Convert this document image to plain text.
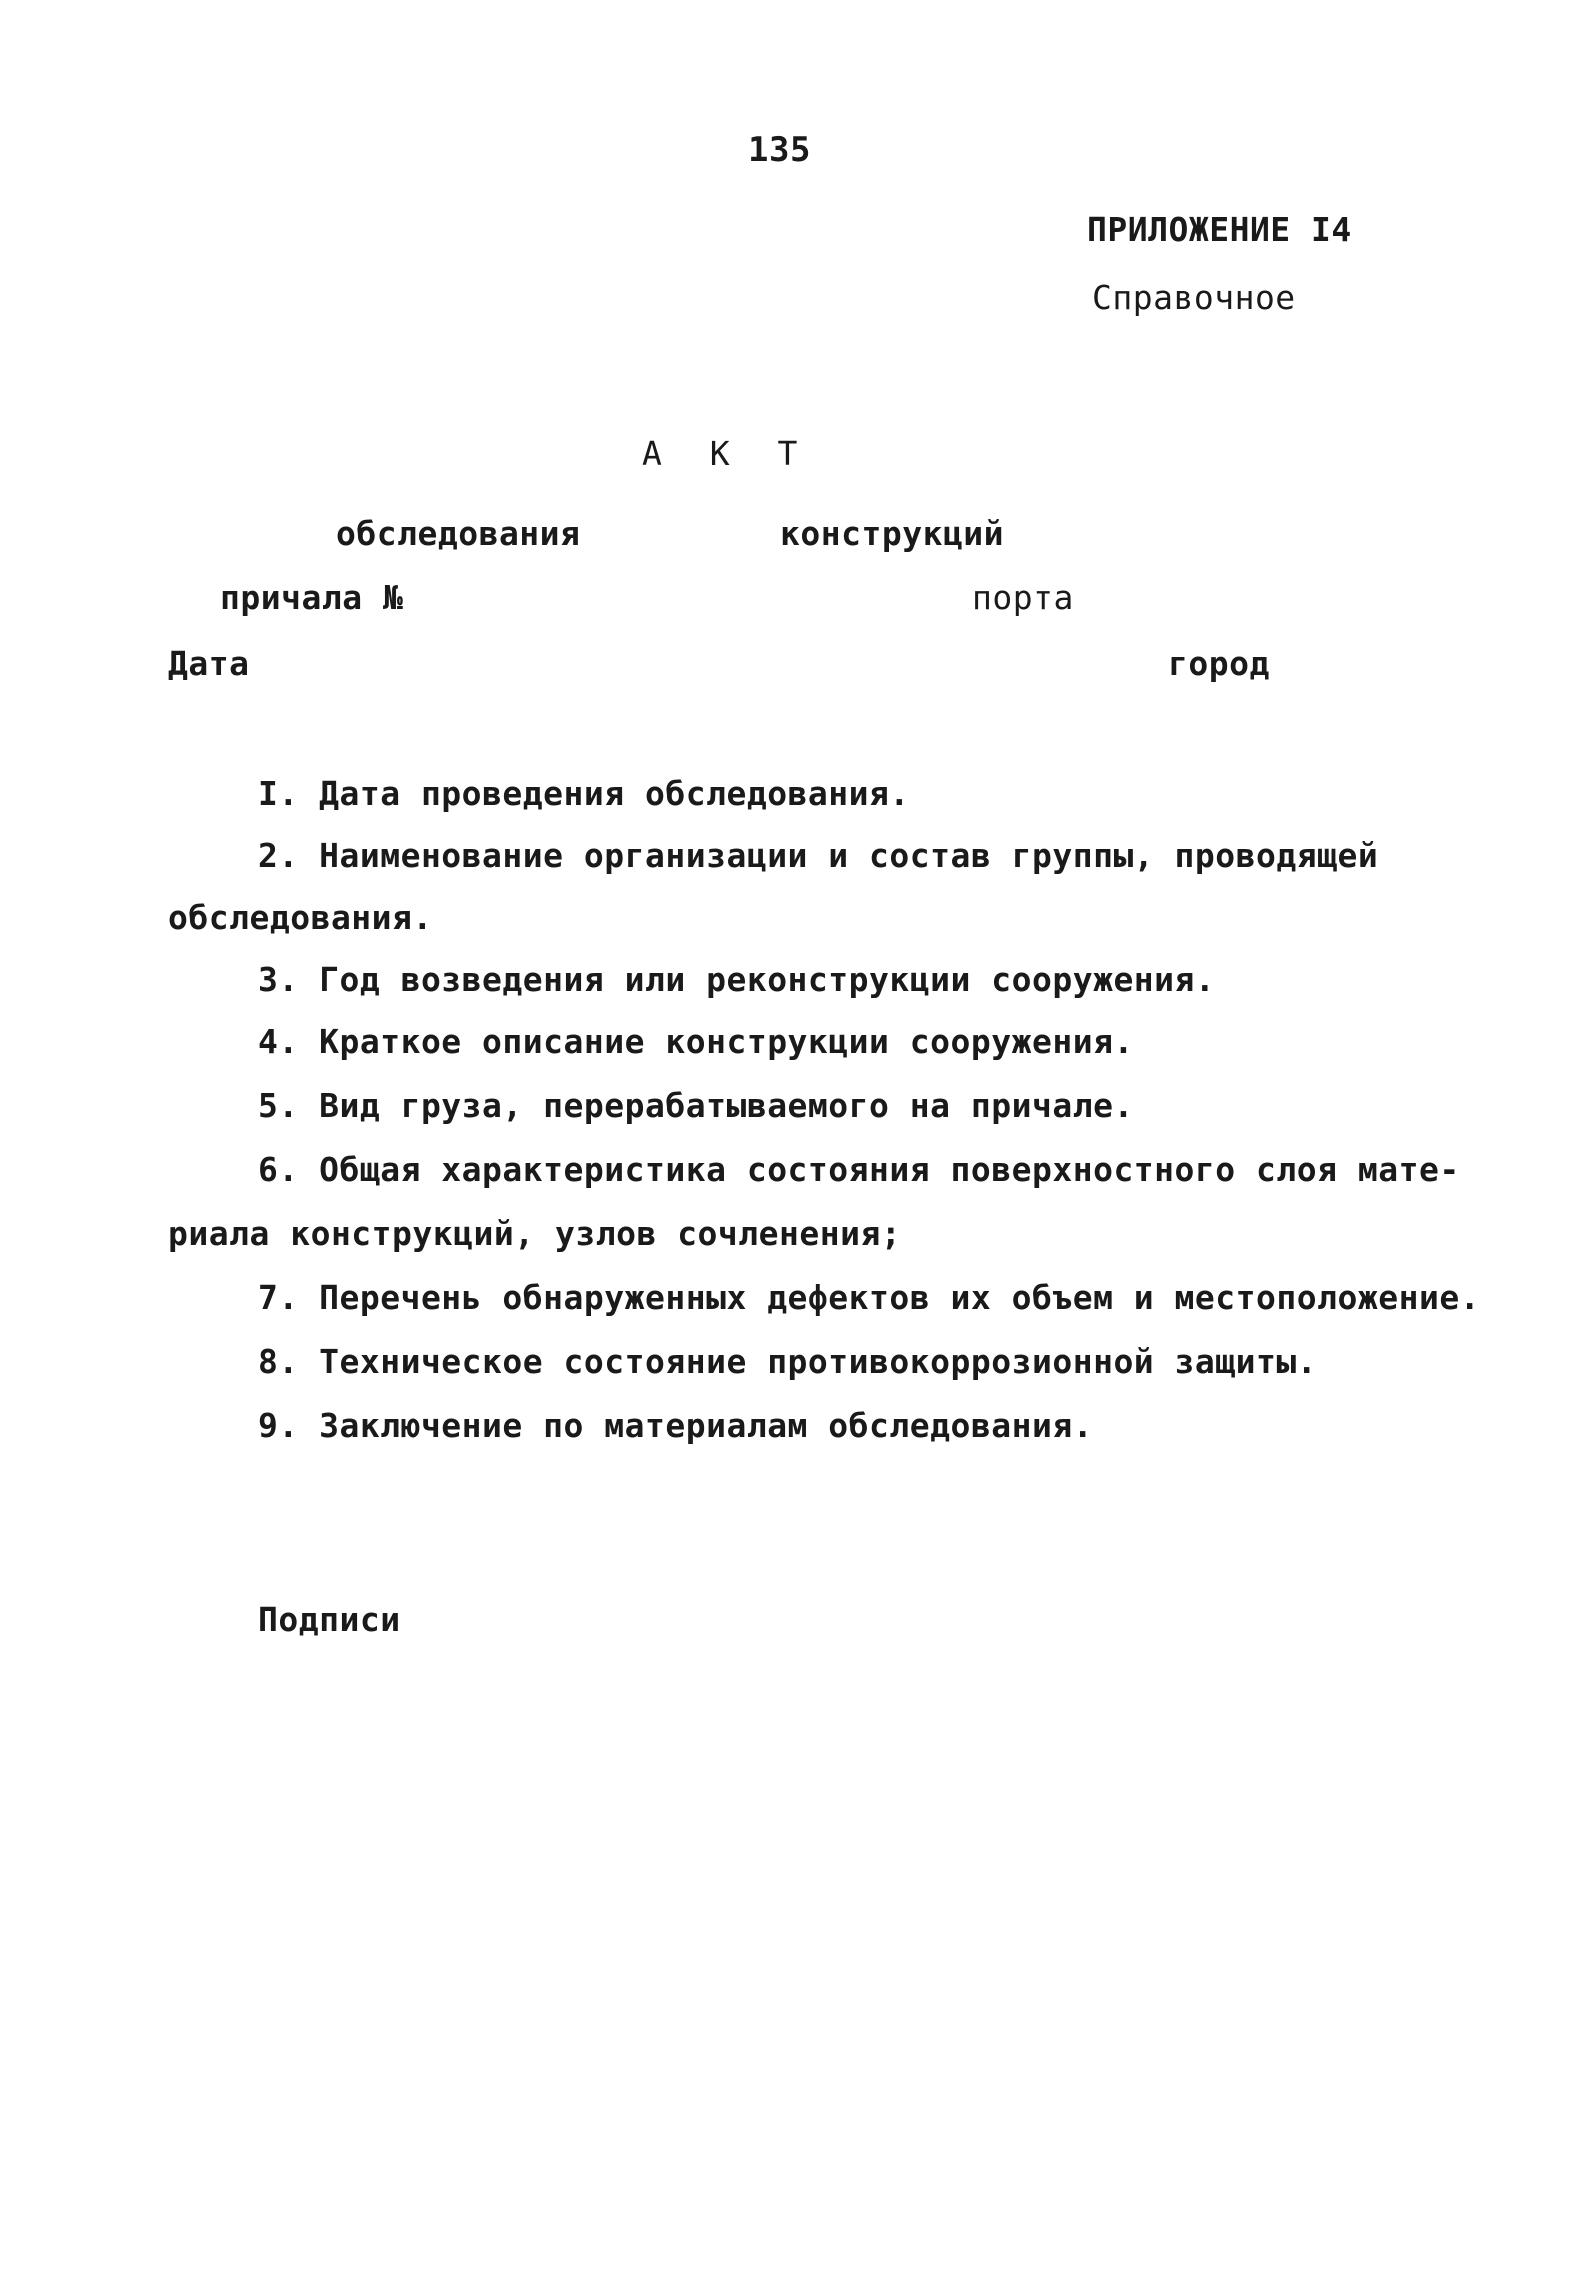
135
ПРИЛОЖЕНИЕ I4
Справочное
А К Т
обследования	конструкций
причала №	порта
Дата	город
I. Дата проведения обследования.
2. Наименование организации и состав группы, проводящей
обследования.
3. Год возведения или реконструкции сооружения.
4. Краткое описание конструкции сооружения.
5. Вид груза, перерабатываемого на причале.
6. Общая характеристика состояния поверхностного слоя мате-
риала конструкций, узлов сочленения;
7. Перечень обнаруженных дефектов их объем и местоположение.
8. Техническое состояние противокоррозионной защиты.
9. Заключение по материалам обследования.
Подписи
